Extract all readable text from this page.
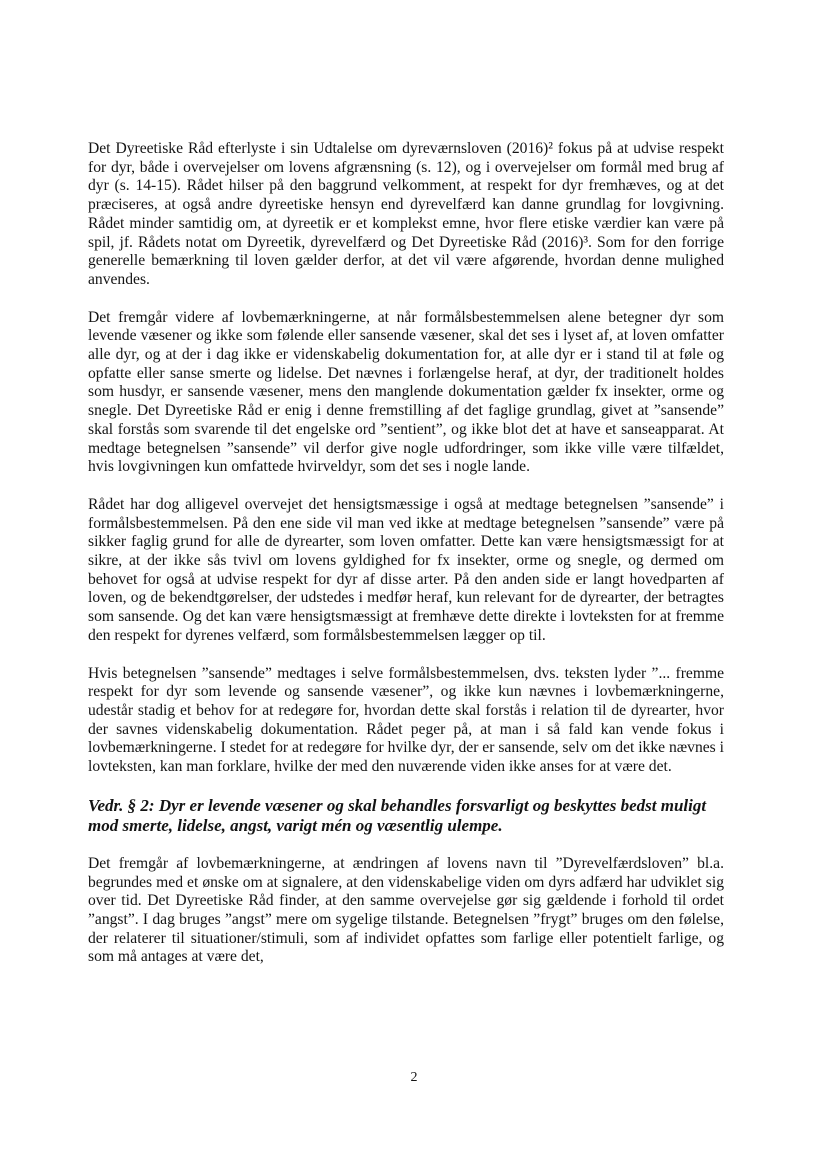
Det Dyreetiske Råd efterlyste i sin Udtalelse om dyreværnsloven (2016)² fokus på at udvise respekt for dyr, både i overvejelser om lovens afgrænsning (s. 12), og i overvejelser om formål med brug af dyr (s. 14-15). Rådet hilser på den baggrund velkomment, at respekt for dyr fremhæves, og at det præciseres, at også andre dyreetiske hensyn end dyrevelfærd kan danne grundlag for lovgivning. Rådet minder samtidig om, at dyreetik er et komplekst emne, hvor flere etiske værdier kan være på spil, jf. Rådets notat om Dyreetik, dyrevelfærd og Det Dyreetiske Råd (2016)³. Som for den forrige generelle bemærkning til loven gælder derfor, at det vil være afgørende, hvordan denne mulighed anvendes.

Det fremgår videre af lovbemærkningerne, at når formålsbestemmelsen alene betegner dyr som levende væsener og ikke som følende eller sansende væsener, skal det ses i lyset af, at loven omfatter alle dyr, og at der i dag ikke er videnskabelig dokumentation for, at alle dyr er i stand til at føle og opfatte eller sanse smerte og lidelse. Det nævnes i forlængelse heraf, at dyr, der traditionelt holdes som husdyr, er sansende væsener, mens den manglende dokumentation gælder fx insekter, orme og snegle. Det Dyreetiske Råd er enig i denne fremstilling af det faglige grundlag, givet at ”sansende” skal forstås som svarende til det engelske ord ”sentient”, og ikke blot det at have et sanseapparat. At medtage betegnelsen ”sansende” vil derfor give nogle udfordringer, som ikke ville være tilfældet, hvis lovgivningen kun omfattede hvirveldyr, som det ses i nogle lande.

Rådet har dog alligevel overvejet det hensigtsmæssige i også at medtage betegnelsen ”sansende” i formålsbestemmelsen. På den ene side vil man ved ikke at medtage betegnelsen ”sansende” være på sikker faglig grund for alle de dyrearter, som loven omfatter. Dette kan være hensigtsmæssigt for at sikre, at der ikke sås tvivl om lovens gyldighed for fx insekter, orme og snegle, og dermed om behovet for også at udvise respekt for dyr af disse arter. På den anden side er langt hovedparten af loven, og de bekendtgørelser, der udstedes i medfør heraf, kun relevant for de dyrearter, der betragtes som sansende. Og det kan være hensigtsmæssigt at fremhæve dette direkte i lovteksten for at fremme den respekt for dyrenes velfærd, som formålsbestemmelsen lægger op til.

Hvis betegnelsen ”sansende” medtages i selve formålsbestemmelsen, dvs. teksten lyder ”... fremme respekt for dyr som levende og sansende væsener”, og ikke kun nævnes i lovbemærkningerne, udestår stadig et behov for at redegøre for, hvordan dette skal forstås i relation til de dyrearter, hvor der savnes videnskabelig dokumentation. Rådet peger på, at man i så fald kan vende fokus i lovbemærkningerne. I stedet for at redegøre for hvilke dyr, der er sansende, selv om det ikke nævnes i lovteksten, kan man forklare, hvilke der med den nuværende viden ikke anses for at være det.

Vedr. § 2: Dyr er levende væsener og skal behandles forsvarligt og beskyttes bedst muligt mod smerte, lidelse, angst, varigt mén og væsentlig ulempe.

Det fremgår af lovbemærkningerne, at ændringen af lovens navn til ”Dyrevelfærdsloven” bl.a. begrundes med et ønske om at signalere, at den videnskabelige viden om dyrs adfærd har udviklet sig over tid. Det Dyreetiske Råd finder, at den samme overvejelse gør sig gældende i forhold til ordet ”angst”. I dag bruges ”angst” mere om sygelige tilstande. Betegnelsen ”frygt” bruges om den følelse, der relaterer til situationer/stimuli, som af individet opfattes som farlige eller potentielt farlige, og som må antages at være det,

2
